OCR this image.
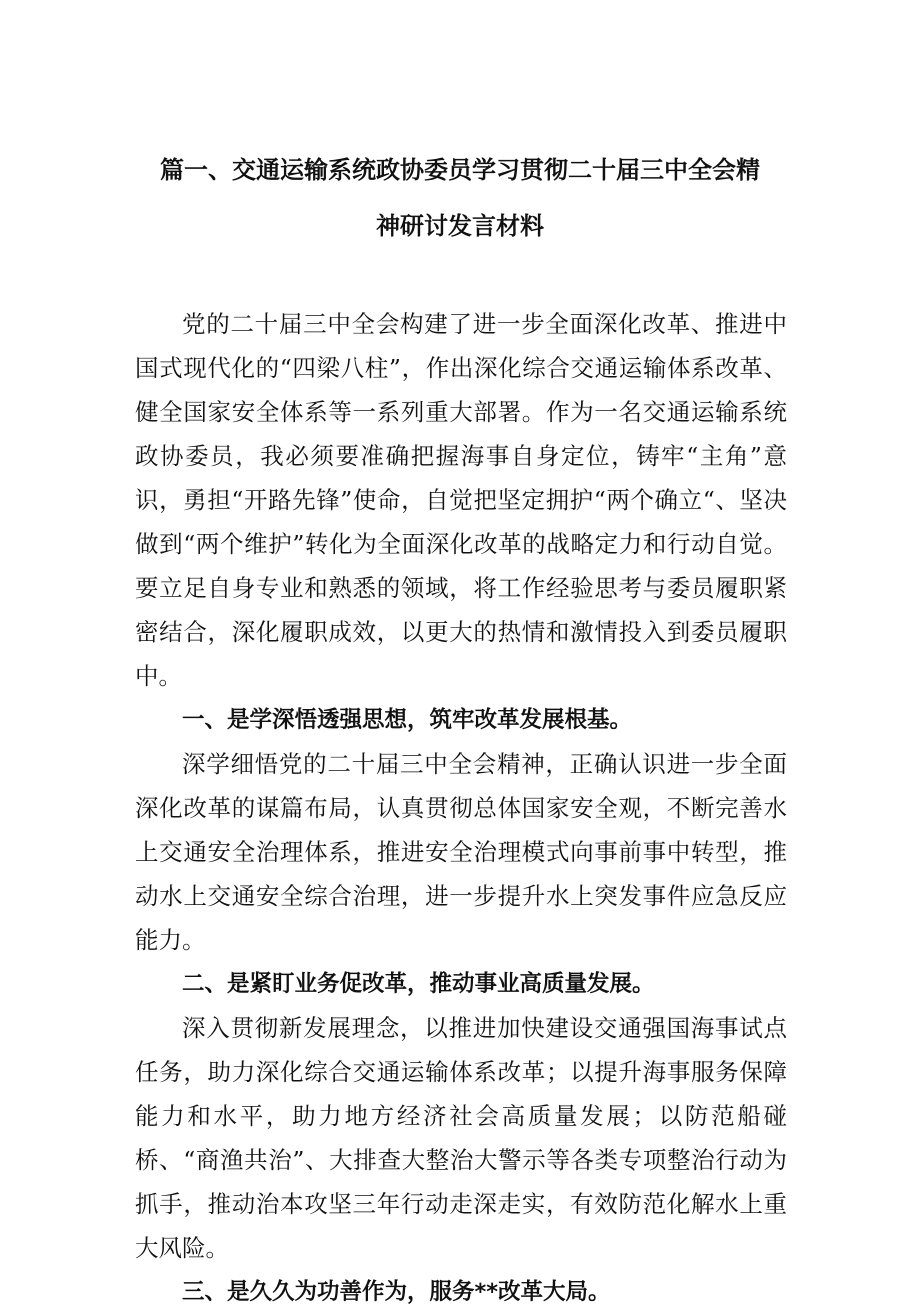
篇一、交通运输系统政协委员学习贯彻二十届三中全会精
神研讨发言材料

党的二十届三中全会构建了进一步全面深化改革、推进中国式现代化的“四梁八柱”，作出深化综合交通运输体系改革、健全国家安全体系等一系列重大部署。作为一名交通运输系统政协委员，我必须要准确把握海事自身定位，铸牢“主角”意识，勇担“开路先锋”使命，自觉把坚定拥护“两个确立“、坚决做到“两个维护”转化为全面深化改革的战略定力和行动自觉。要立足自身专业和熟悉的领域，将工作经验思考与委员履职紧密结合，深化履职成效，以更大的热情和激情投入到委员履职中。

一、是学深悟透强思想，筑牢改革发展根基。

深学细悟党的二十届三中全会精神，正确认识进一步全面深化改革的谋篇布局，认真贯彻总体国家安全观，不断完善水上交通安全治理体系，推进安全治理模式向事前事中转型，推动水上交通安全综合治理，进一步提升水上突发事件应急反应能力。

二、是紧盯业务促改革，推动事业高质量发展。

深入贯彻新发展理念，以推进加快建设交通强国海事试点任务，助力深化综合交通运输体系改革；以提升海事服务保障能力和水平，助力地方经济社会高质量发展；以防范船碰桥、“商渔共治”、大排查大整治大警示等各类专项整治行动为抓手，推动治本攻坚三年行动走深走实，有效防范化解水上重大风险。

三、是久久为功善作为，服务**改革大局。
